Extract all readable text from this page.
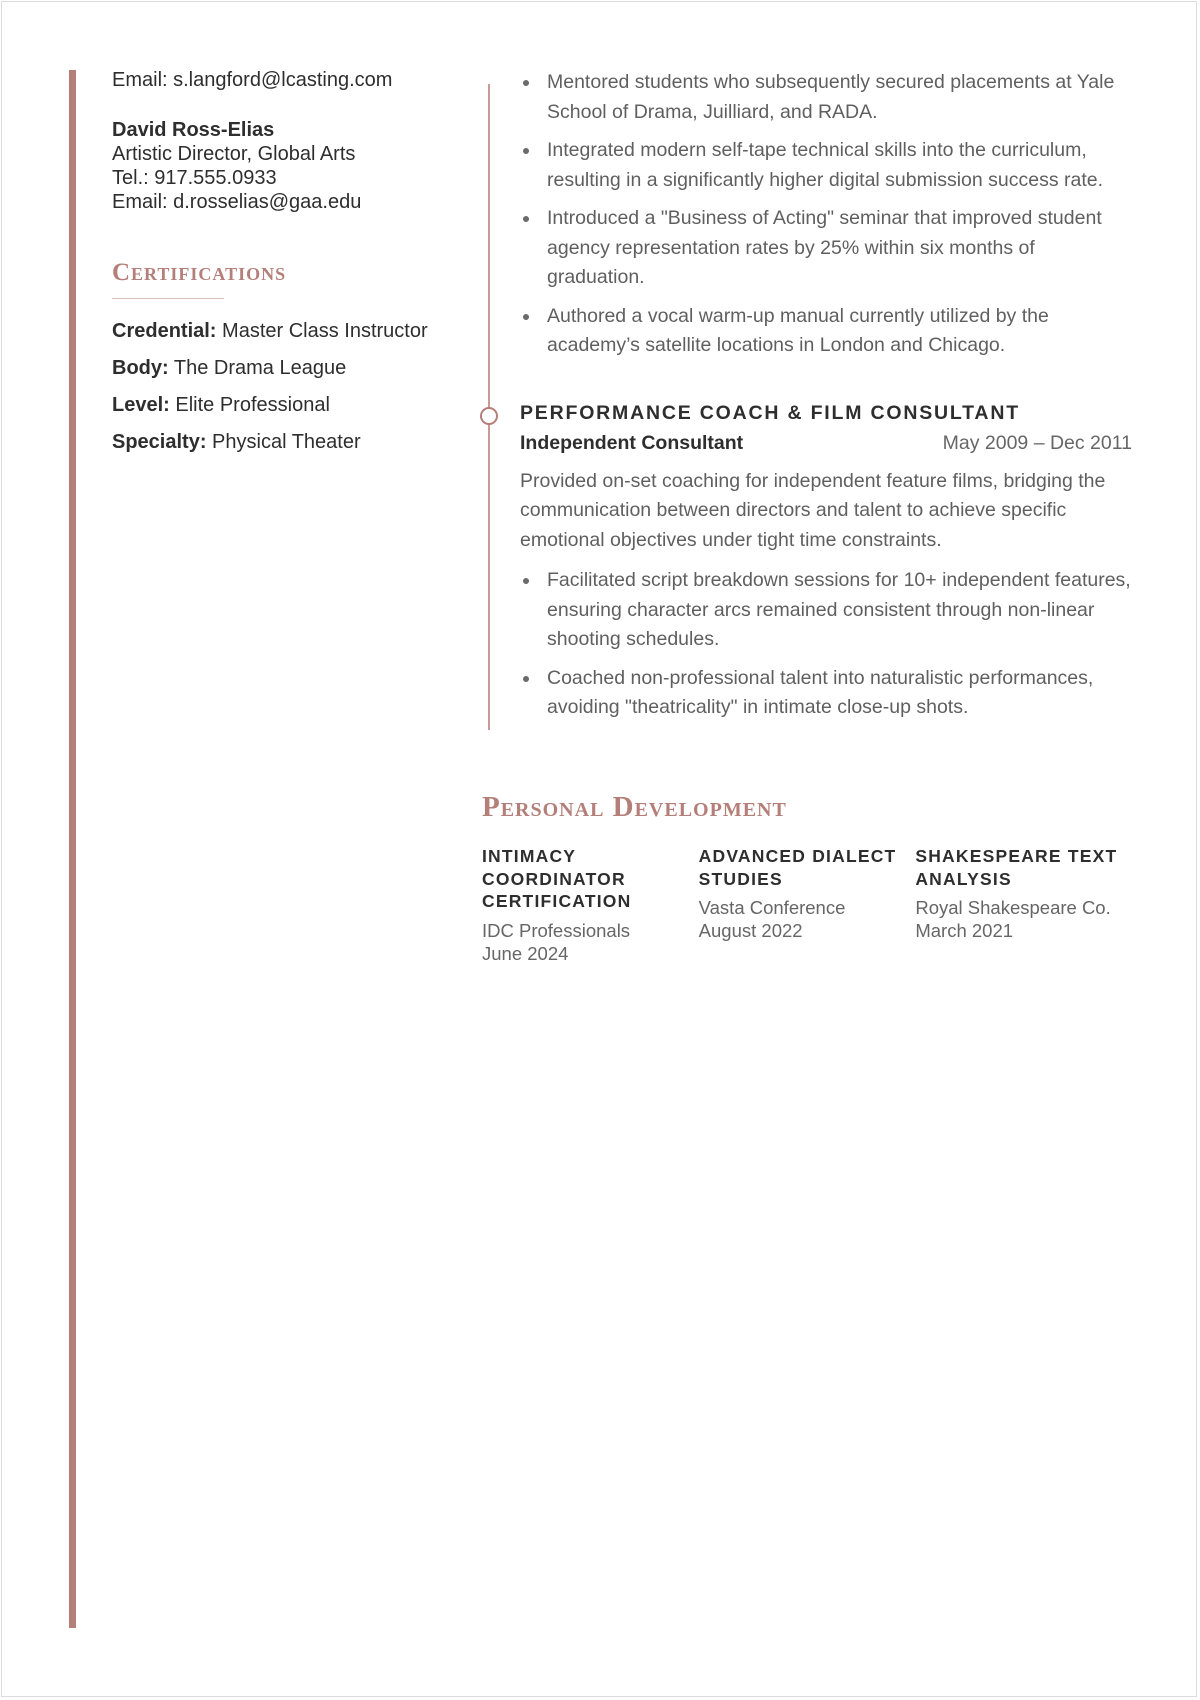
Email: s.langford@lcasting.com

David Ross-Elias

Artistic Director, Global Arts

Tel.: 917.555.0933

Email: d.rosselias@gaa.edu

Certifications

Credential: Master Class Instructor

Body: The Drama League

Level: Elite Professional

Specialty: Physical Theater

Mentored students who subsequently secured placements at Yale School of Drama, Juilliard, and RADA.
Integrated modern self-tape technical skills into the curriculum, resulting in a significantly higher digital submission success rate.
Introduced a "Business of Acting" seminar that improved student agency representation rates by 25% within six months of graduation.
Authored a vocal warm-up manual currently utilized by the academy’s satellite locations in London and Chicago.
PERFORMANCE COACH & FILM CONSULTANT
Independent Consultant	May 2009 – Dec 2011

Provided on-set coaching for independent feature films, bridging the communication between directors and talent to achieve specific emotional objectives under tight time constraints.

Facilitated script breakdown sessions for 10+ independent features, ensuring character arcs remained consistent through non-linear shooting schedules.
Coached non-professional talent into naturalistic performances, avoiding "theatricality" in intimate close-up shots.
Personal Development

INTIMACY COORDINATOR CERTIFICATION

IDC Professionals

June 2024

ADVANCED DIALECT STUDIES

Vasta Conference

August 2022

SHAKESPEARE TEXT ANALYSIS

Royal Shakespeare Co.

March 2021
